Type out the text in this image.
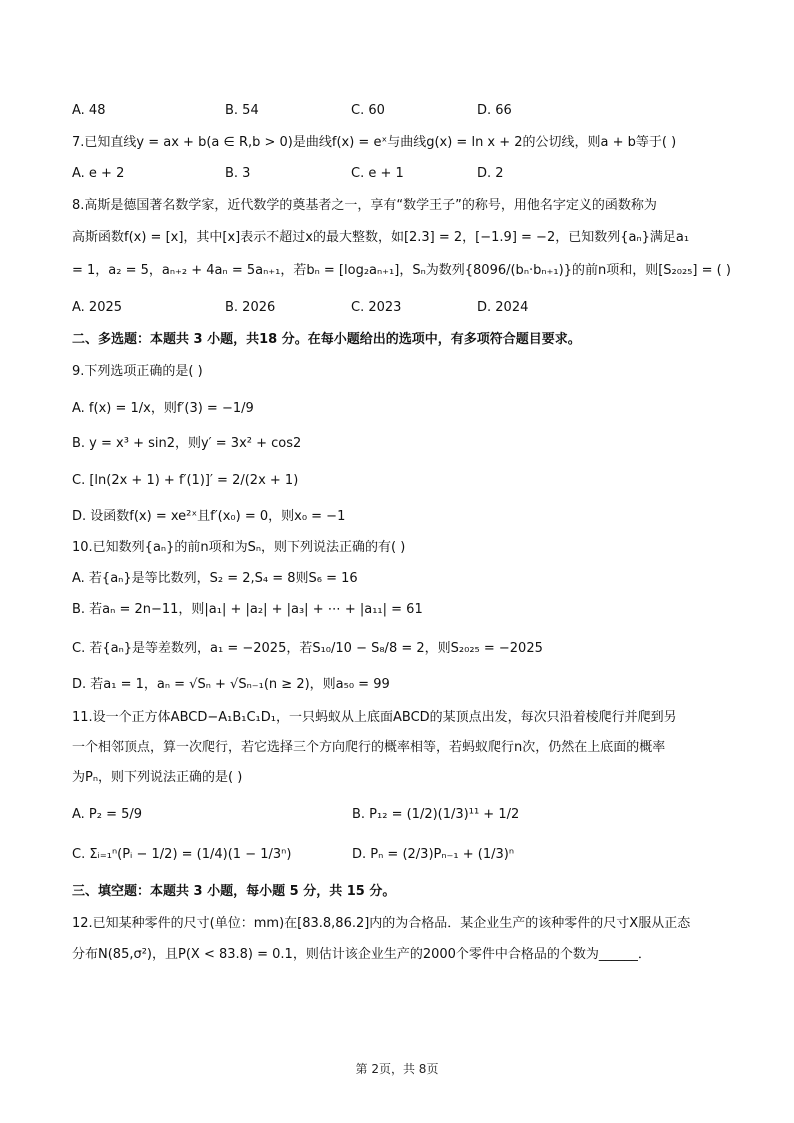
A. 48	B. 54	C. 60	D. 66
7.已知直线y = ax + b(a ∈ R,b > 0)是曲线f(x) = eˣ与曲线g(x) = ln x + 2的公切线，则a + b等于( )
A. e + 2	B. 3	C. e + 1	D. 2
8.高斯是德国著名数学家，近代数学的奠基者之一，享有“数学王子”的称号，用他名字定义的函数称为
高斯函数f(x) = [x]，其中[x]表示不超过x的最大整数，如[2.3] = 2，[−1.9] = −2，已知数列{aₙ}满足a₁
= 1，a₂ = 5，aₙ₊₂ + 4aₙ = 5aₙ₊₁，若bₙ = [log₂aₙ₊₁]，Sₙ为数列{8096/(bₙ·bₙ₊₁)}的前n项和，则[S₂₀₂₅] = ( )
A. 2025	B. 2026	C. 2023	D. 2024
二、多选题：本题共 3 小题，共18 分。在每小题给出的选项中，有多项符合题目要求。
9.下列选项正确的是( )
A. f(x) = 1/x，则f′(3) = −1/9
B. y = x³ + sin2，则y′ = 3x² + cos2
C. [ln(2x + 1) + f′(1)]′ = 2/(2x + 1)
D. 设函数f(x) = xe²ˣ且f′(x₀) = 0，则x₀ = −1
10.已知数列{aₙ}的前n项和为Sₙ，则下列说法正确的有( )
A. 若{aₙ}是等比数列，S₂ = 2,S₄ = 8则S₆ = 16
B. 若aₙ = 2n−11，则|a₁| + |a₂| + |a₃| + ⋯ + |a₁₁| = 61
C. 若{aₙ}是等差数列，a₁ = −2025，若S₁₀/10 − S₈/8 = 2，则S₂₀₂₅ = −2025
D. 若a₁ = 1，aₙ = √Sₙ + √Sₙ₋₁(n ≥ 2)，则a₅₀ = 99
11.设一个正方体ABCD−A₁B₁C₁D₁，一只蚂蚁从上底面ABCD的某顶点出发，每次只沿着棱爬行并爬到另
一个相邻顶点，算一次爬行，若它选择三个方向爬行的概率相等，若蚂蚁爬行n次，仍然在上底面的概率
为Pₙ，则下列说法正确的是( )
A. P₂ = 5/9	B. P₁₂ = (1/2)(1/3)¹¹ + 1/2
C. Σᵢ₌₁ⁿ(Pᵢ − 1/2) = (1/4)(1 − 1/3ⁿ)	D. Pₙ = (2/3)Pₙ₋₁ + (1/3)ⁿ
三、填空题：本题共 3 小题，每小题 5 分，共 15 分。
12.已知某种零件的尺寸(单位：mm)在[83.8,86.2]内的为合格品．某企业生产的该种零件的尺寸X服从正态
分布N(85,σ²)，且P(X < 83.8) = 0.1，则估计该企业生产的2000个零件中合格品的个数为______．
第 2页，共 8页
